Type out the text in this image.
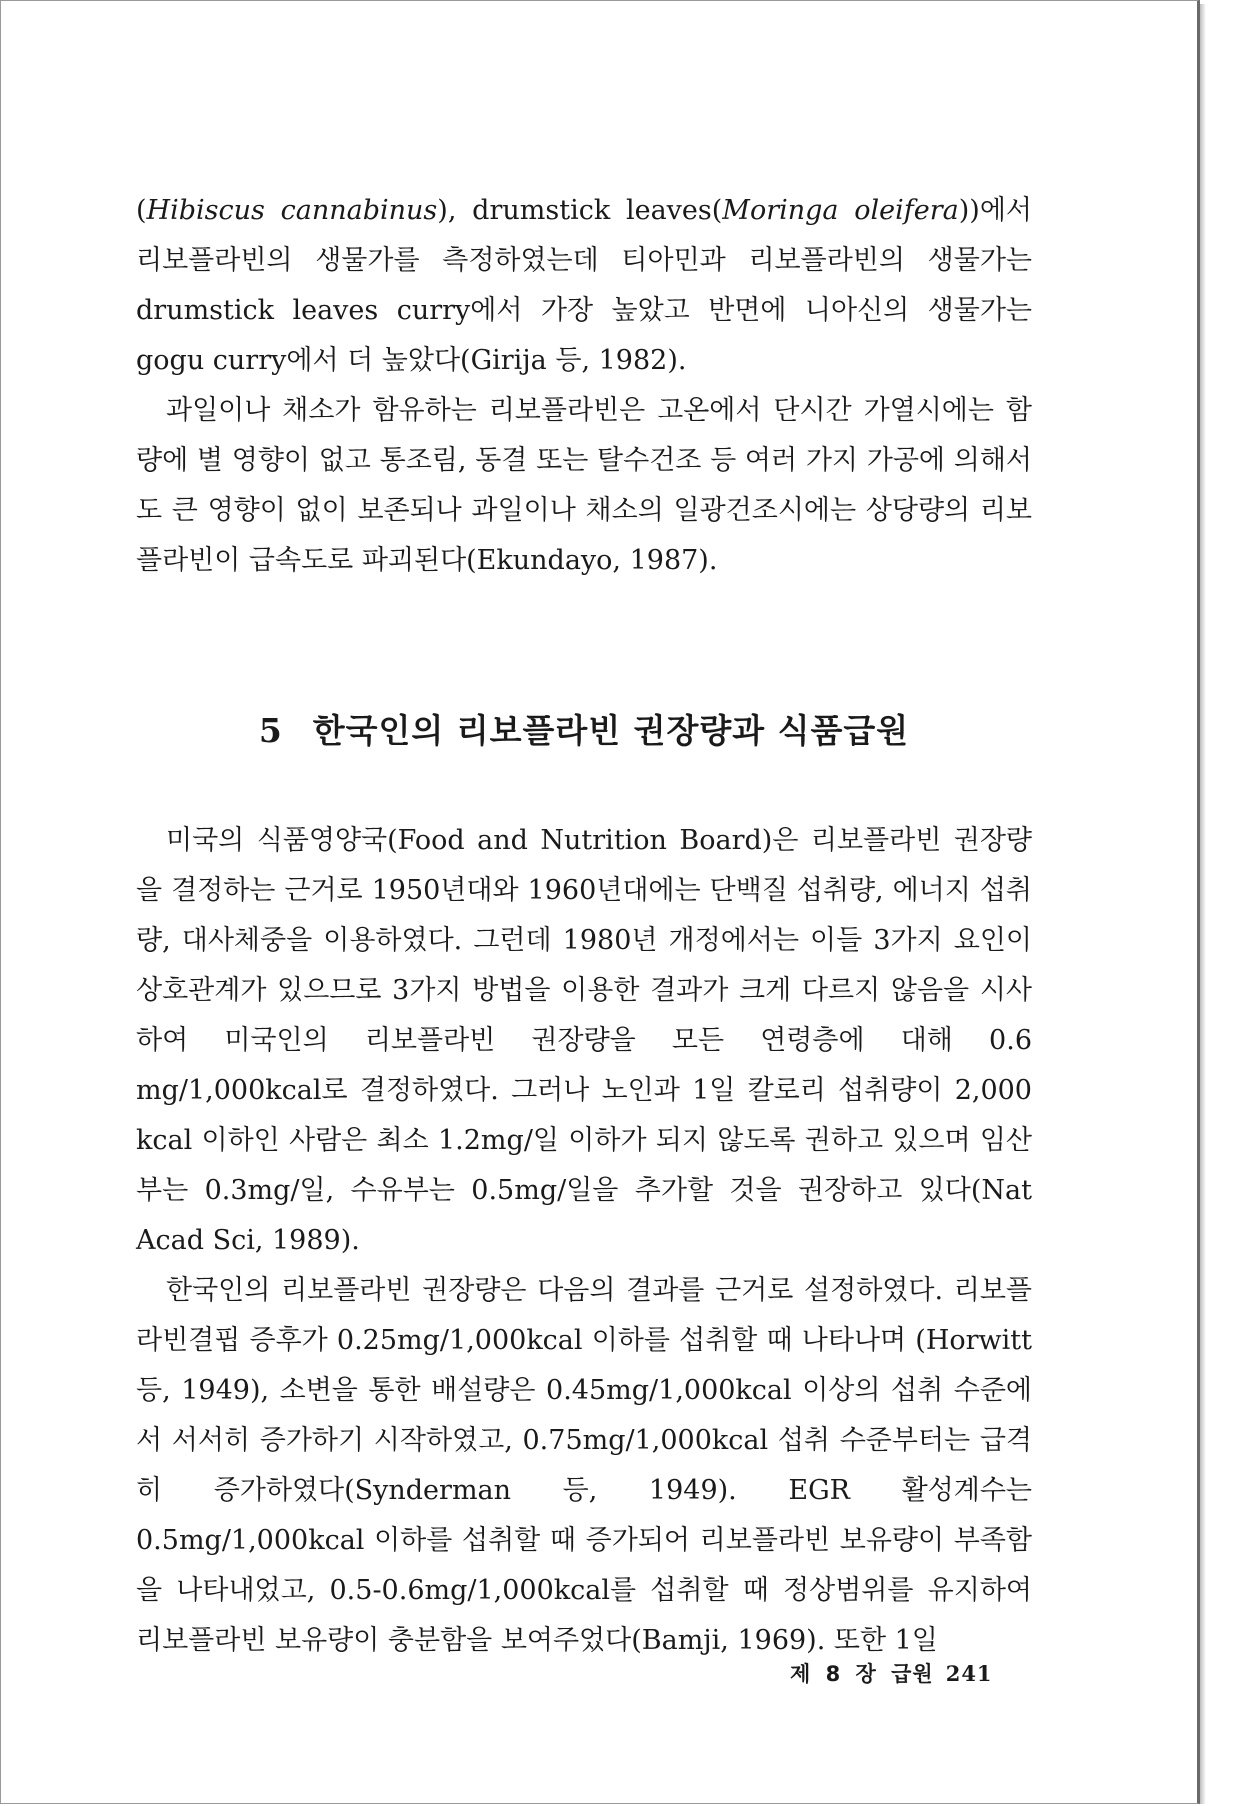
(Hibiscus cannabinus), drumstick leaves(Moringa oleifera))에서 리보플라빈의 생물가를 측정하였는데 티아민과 리보플라빈의 생물가는 drumstick leaves curry에서 가장 높았고 반면에 니아신의 생물가는 gogu curry에서 더 높았다(Girija 등, 1982).

과일이나 채소가 함유하는 리보플라빈은 고온에서 단시간 가열시에는 함량에 별 영향이 없고 통조림, 동결 또는 탈수건조 등 여러 가지 가공에 의해서도 큰 영향이 없이 보존되나 과일이나 채소의 일광건조시에는 상당량의 리보플라빈이 급속도로 파괴된다(Ekundayo, 1987).

5 한국인의 리보플라빈 권장량과 식품급원

미국의 식품영양국(Food and Nutrition Board)은 리보플라빈 권장량을 결정하는 근거로 1950년대와 1960년대에는 단백질 섭취량, 에너지 섭취량, 대사체중을 이용하였다. 그런데 1980년 개정에서는 이들 3가지 요인이 상호관계가 있으므로 3가지 방법을 이용한 결과가 크게 다르지 않음을 시사하여 미국인의 리보플라빈 권장량을 모든 연령층에 대해 0.6 mg/1,000kcal로 결정하였다. 그러나 노인과 1일 칼로리 섭취량이 2,000 kcal 이하인 사람은 최소 1.2mg/일 이하가 되지 않도록 권하고 있으며 임산부는 0.3mg/일, 수유부는 0.5mg/일을 추가할 것을 권장하고 있다(Nat Acad Sci, 1989).

한국인의 리보플라빈 권장량은 다음의 결과를 근거로 설정하였다. 리보플라빈결핍 증후가 0.25mg/1,000kcal 이하를 섭취할 때 나타나며 (Horwitt 등, 1949), 소변을 통한 배설량은 0.45mg/1,000kcal 이상의 섭취 수준에서 서서히 증가하기 시작하였고, 0.75mg/1,000kcal 섭취 수준부터는 급격히 증가하였다(Synderman 등, 1949). EGR 활성계수는 0.5mg/1,000kcal 이하를 섭취할 때 증가되어 리보플라빈 보유량이 부족함을 나타내었고, 0.5-0.6mg/1,000kcal를 섭취할 때 정상범위를 유지하여 리보플라빈 보유량이 충분함을 보여주었다(Bamji, 1969). 또한 1일

제 8 장 급원 241
